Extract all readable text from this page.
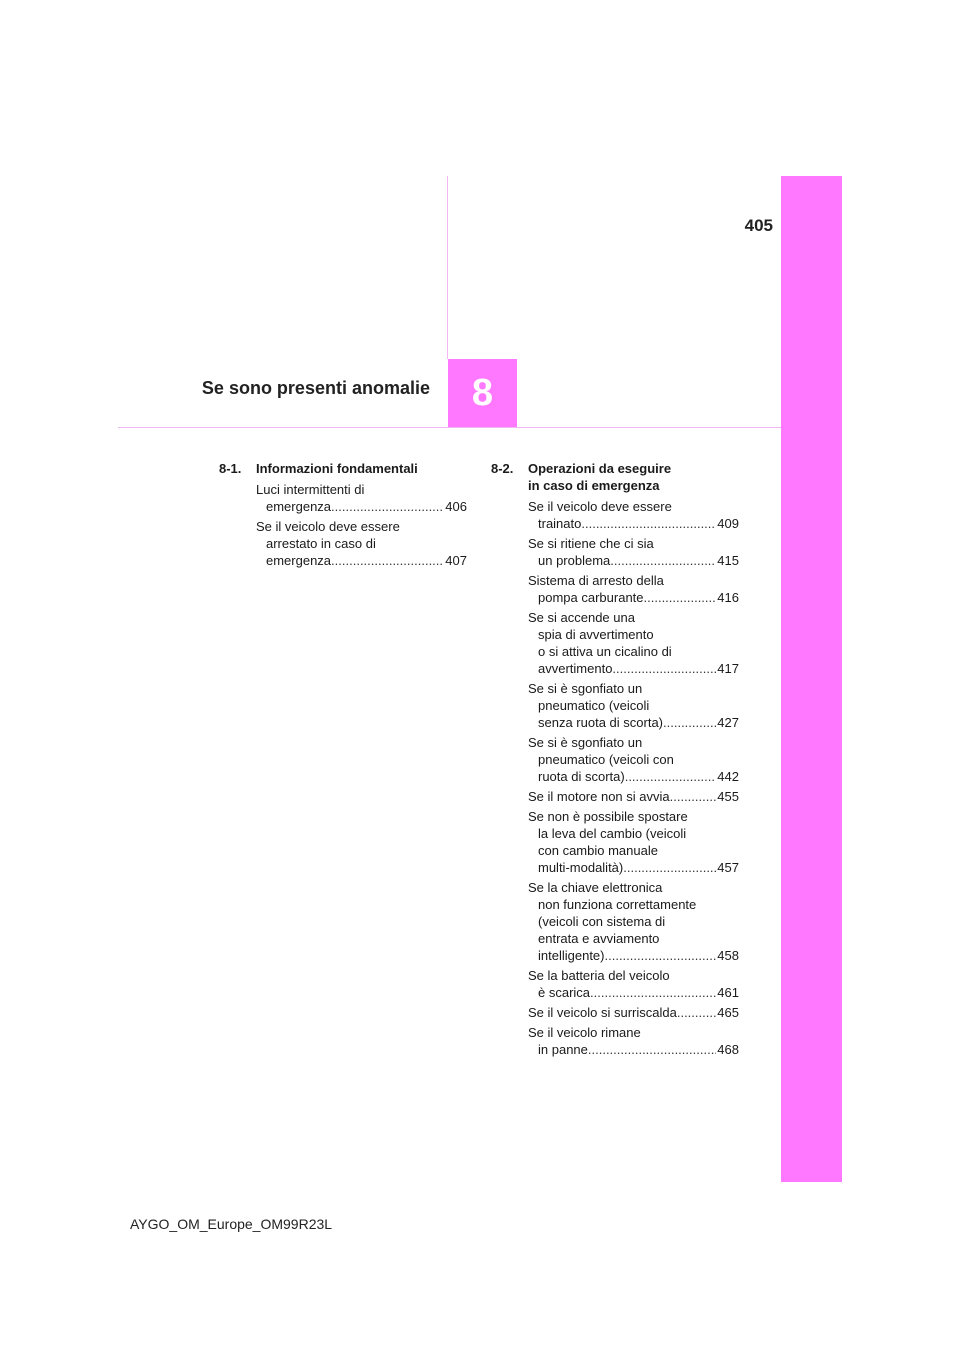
405
Se sono presenti anomalie	8
8-1.	Informazioni fondamentali
Luci intermittenti di
emergenza .....	406
Se il veicolo deve essere
arrestato in caso di
emergenza .....	407
8-2.	Operazioni da eseguire
in caso di emergenza
Se il veicolo deve essere
trainato .....	409
Se si ritiene che ci sia
un problema .....	415
Sistema di arresto della
pompa carburante .....	416
Se si accende una
spia di avvertimento
o si attiva un cicalino di
avvertimento .....	417
Se si è sgonfiato un
pneumatico (veicoli
senza ruota di scorta) .....	427
Se si è sgonfiato un
pneumatico (veicoli con
ruota di scorta) .....	442
Se il motore non si avvia .....	455
Se non è possibile spostare
la leva del cambio (veicoli
con cambio manuale
multi-modalità) .....	457
Se la chiave elettronica
non funziona correttamente
(veicoli con sistema di
entrata e avviamento
intelligente) .....	458
Se la batteria del veicolo
è scarica .....	461
Se il veicolo si surriscalda .....	465
Se il veicolo rimane
in panne .....	468
AYGO_OM_Europe_OM99R23L
